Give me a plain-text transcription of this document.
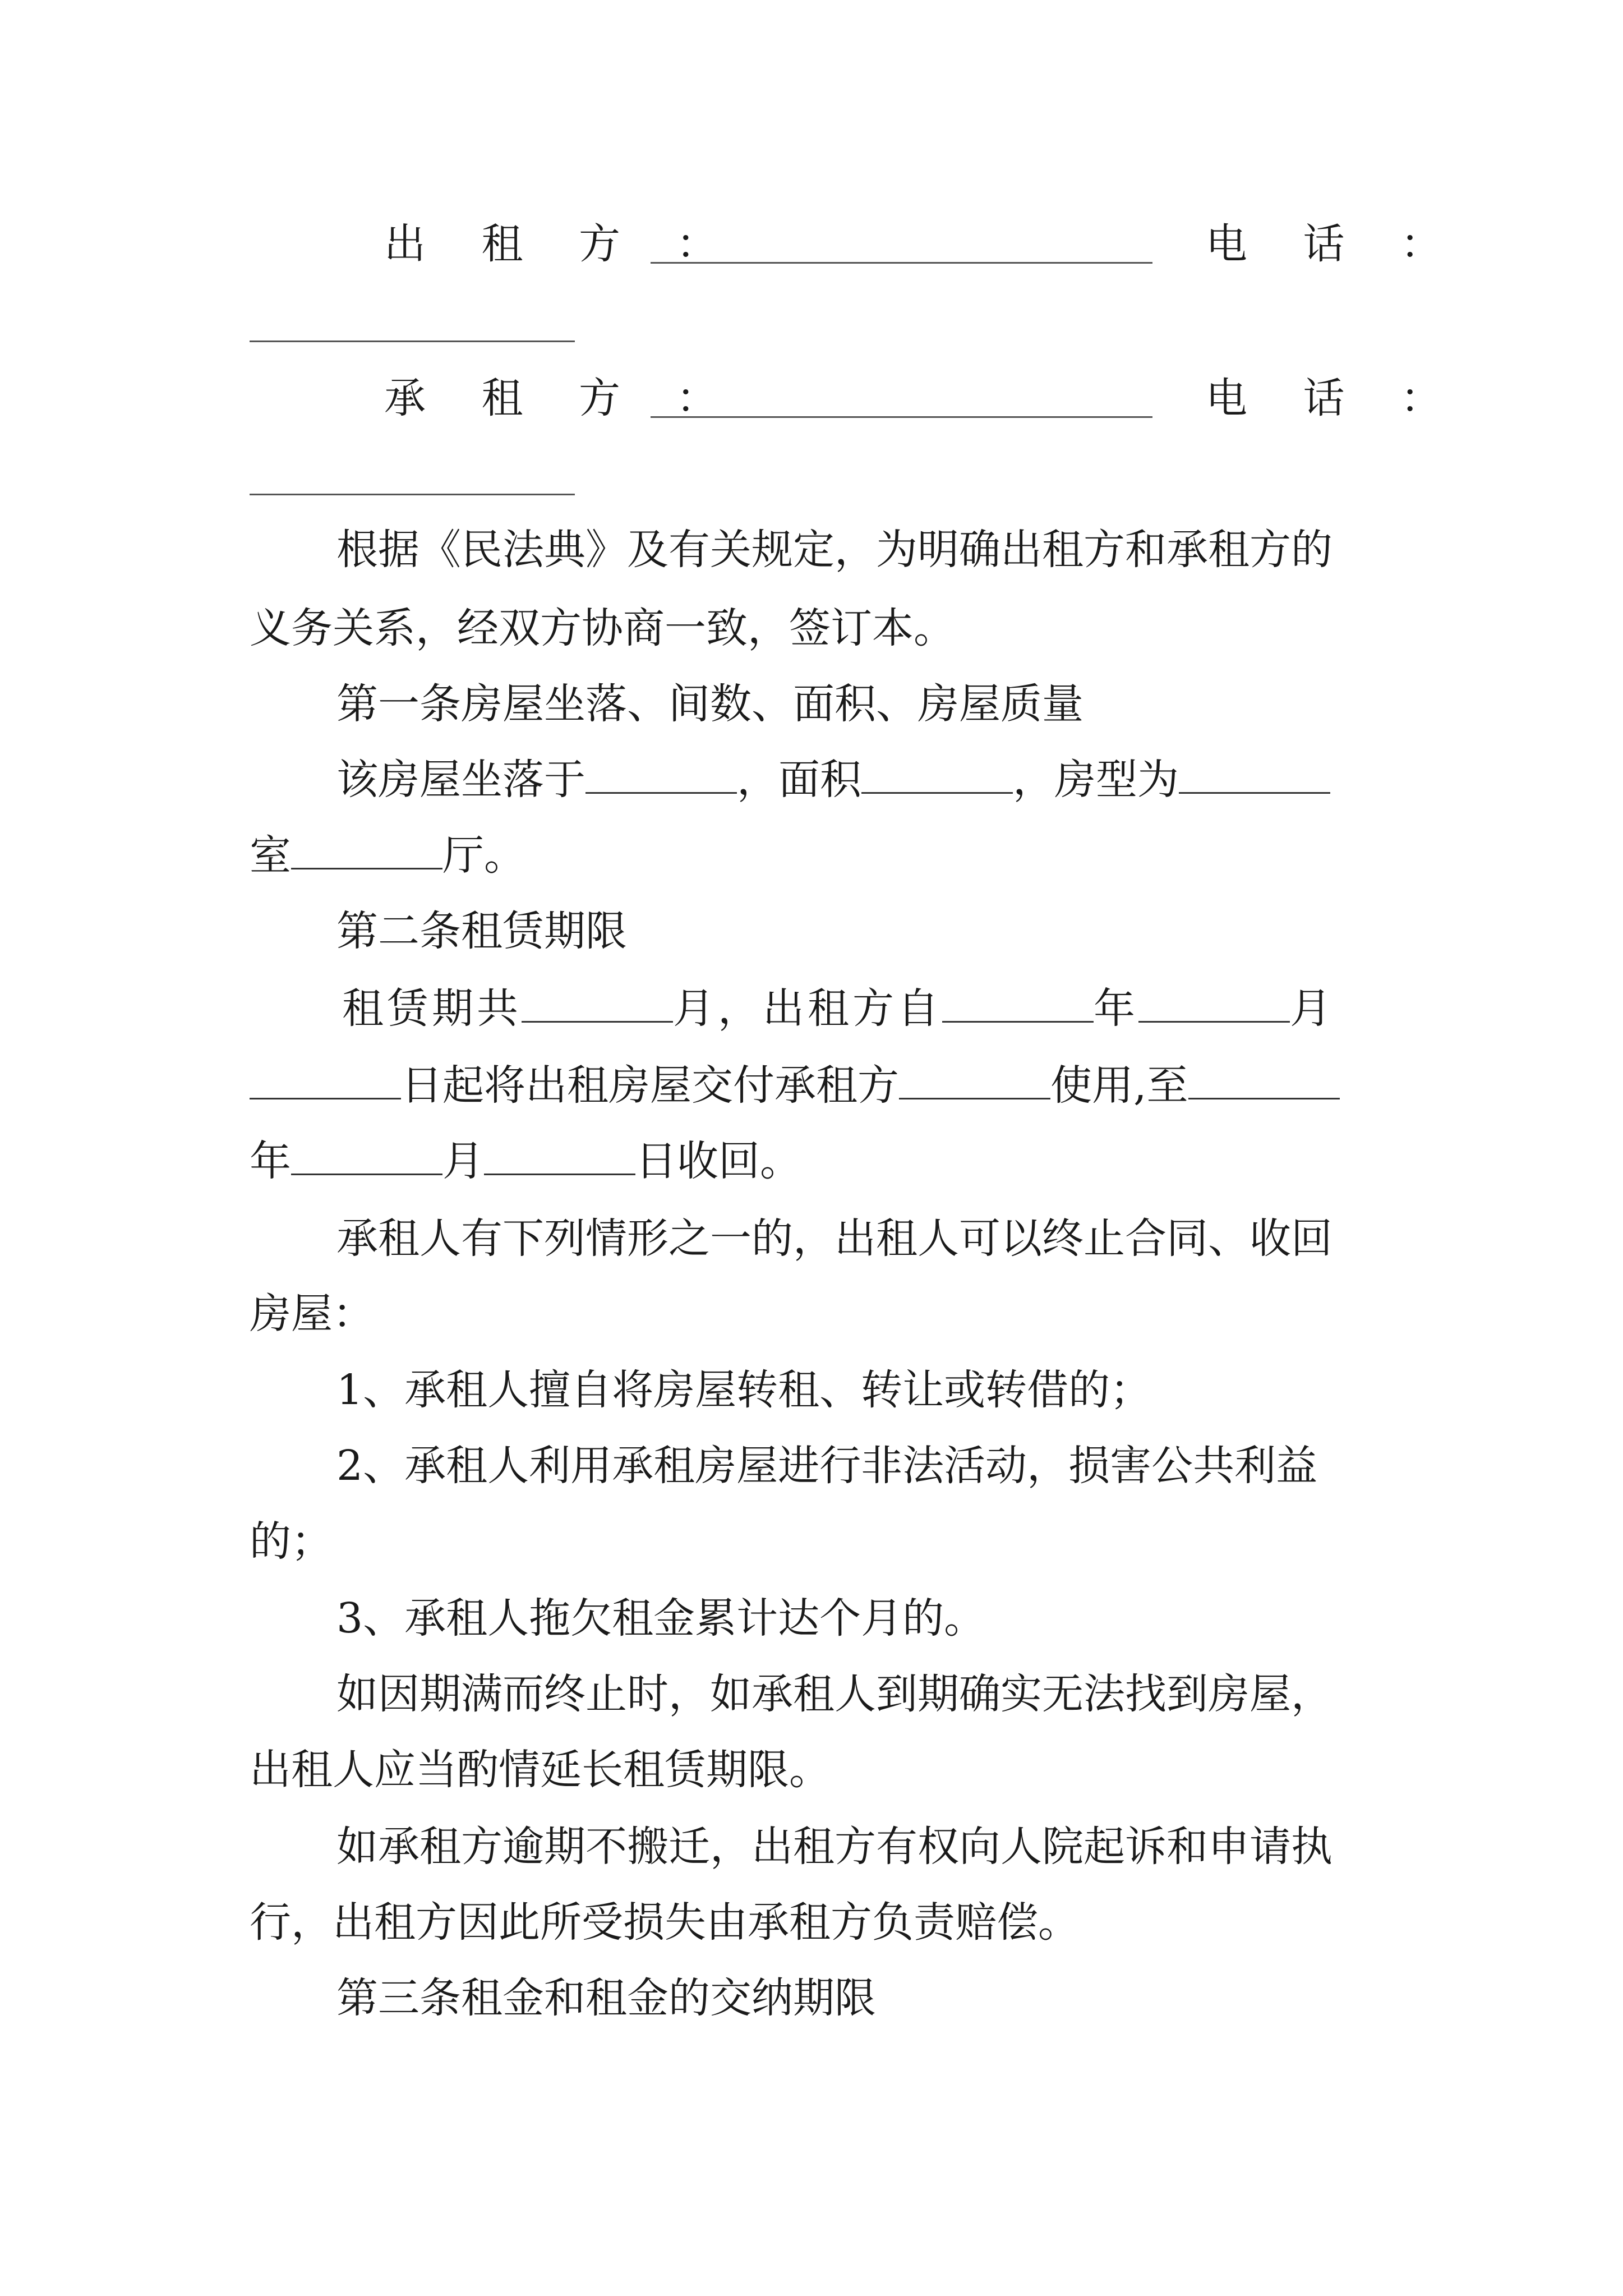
出 租 方 ：	电 话 ：
承 租 方 ：	电 话 ：
根据《民法典》及有关规定，为明确出租方和承租方的
义务关系，经双方协商一致，签订本。
第一条房屋坐落、间数、面积、房屋质量
该房屋坐落于	，面积	，房型为
室	厅。
第二条租赁期限
租赁期共	月，出租方自	年	月
日起将出租房屋交付承租方	使用,至
年	月	日收回。
承租人有下列情形之一的，出租人可以终止合同、收回
房屋：
1、承租人擅自将房屋转租、转让或转借的；
2、承租人利用承租房屋进行非法活动，损害公共利益
的；
3、承租人拖欠租金累计达个月的。
如因期满而终止时，如承租人到期确实无法找到房屋，
出租人应当酌情延长租赁期限。
如承租方逾期不搬迁，出租方有权向人院起诉和申请执
行，出租方因此所受损失由承租方负责赔偿。
第三条租金和租金的交纳期限
